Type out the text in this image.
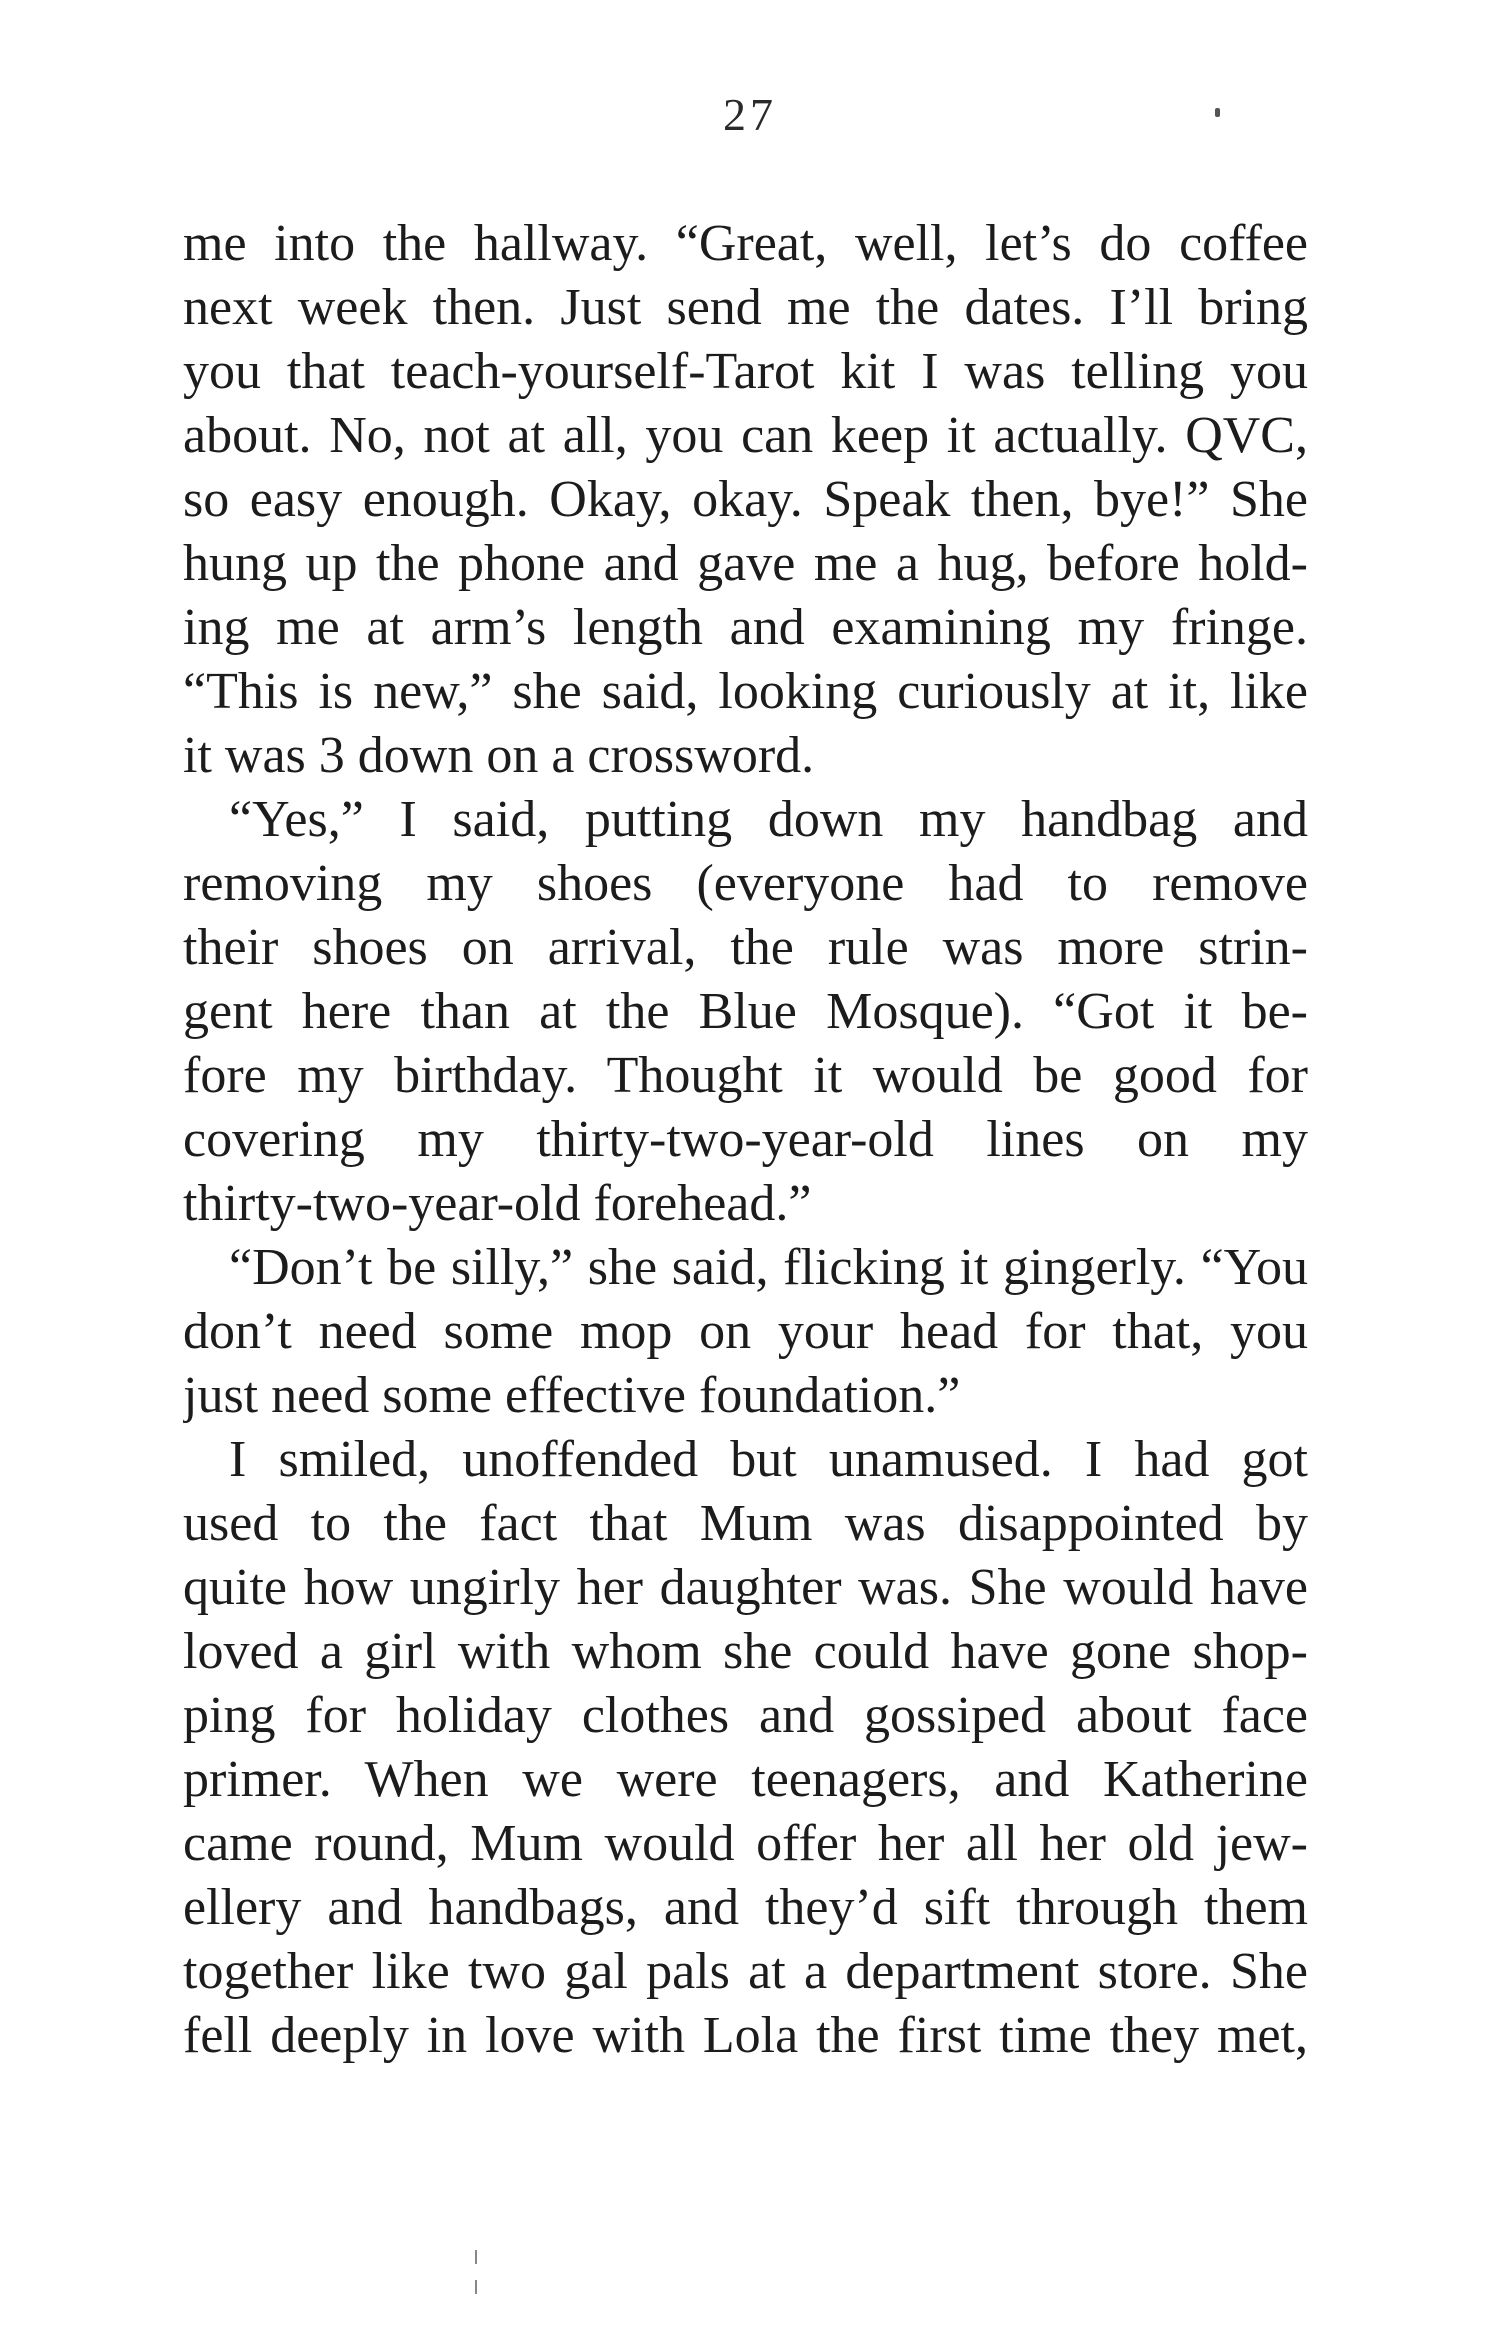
27
me into the hallway. “Great, well, let’s do coffee
next week then. Just send me the dates. I’ll bring
you that teach-yourself-Tarot kit I was telling you
about. No, not at all, you can keep it actually. QVC,
so easy enough. Okay, okay. Speak then, bye!” She
hung up the phone and gave me a hug, before hold-
ing me at arm’s length and examining my fringe.
“This is new,” she said, looking curiously at it, like
it was 3 down on a crossword.
“Yes,” I said, putting down my handbag and
removing my shoes (everyone had to remove
their shoes on arrival, the rule was more strin-
gent here than at the Blue Mosque). “Got it be-
fore my birthday. Thought it would be good for
covering my thirty-two-year-old lines on my
thirty-two-year-old forehead.”
“Don’t be silly,” she said, flicking it gingerly. “You
don’t need some mop on your head for that, you
just need some effective foundation.”
I smiled, unoffended but unamused. I had got
used to the fact that Mum was disappointed by
quite how ungirly her daughter was. She would have
loved a girl with whom she could have gone shop-
ping for holiday clothes and gossiped about face
primer. When we were teenagers, and Katherine
came round, Mum would offer her all her old jew-
ellery and handbags, and they’d sift through them
together like two gal pals at a department store. She
fell deeply in love with Lola the first time they met,
